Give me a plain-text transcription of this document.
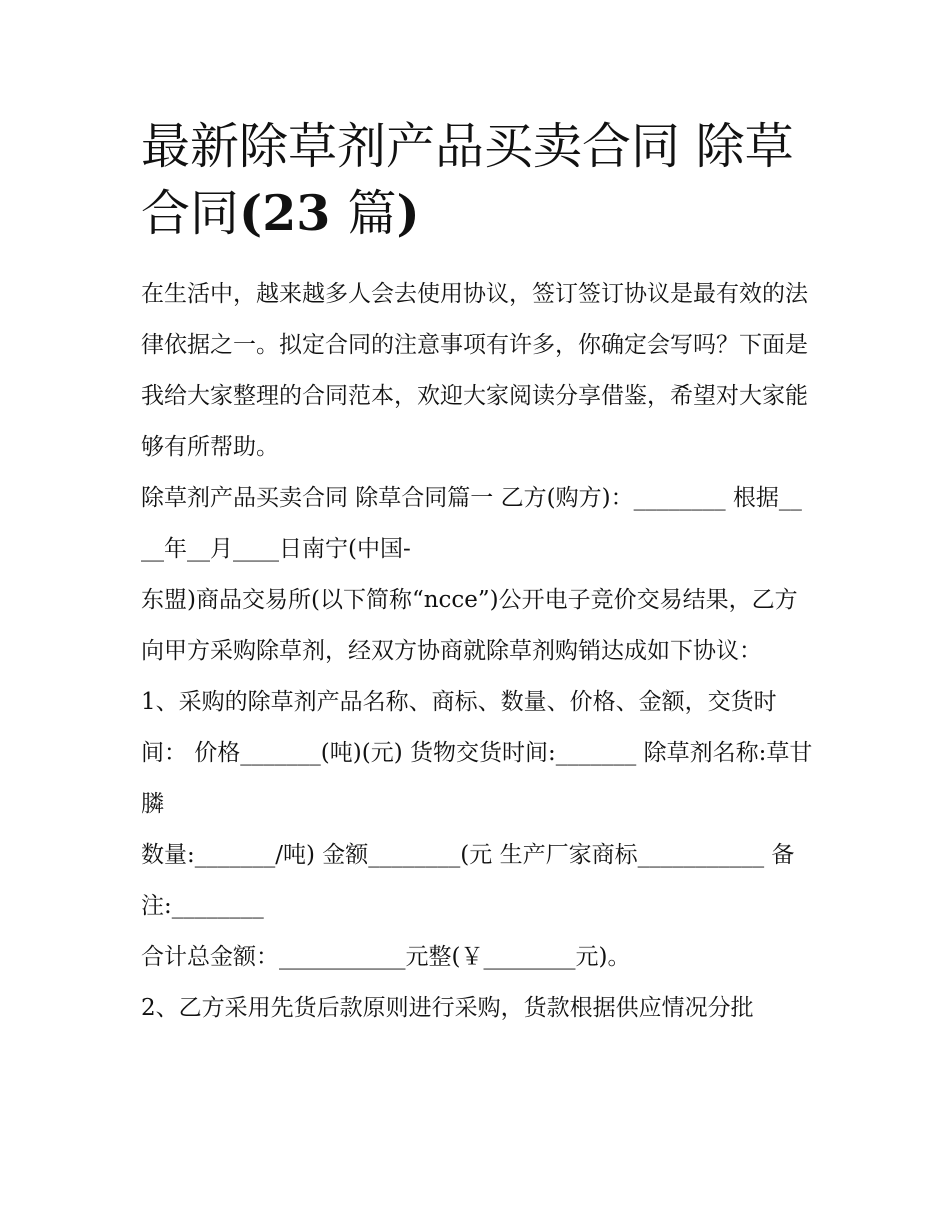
最新除草剂产品买卖合同 除草合同(23 篇)

在生活中，越来越多人会去使用协议，签订签订协议是最有效的法律依据之一。拟定合同的注意事项有许多，你确定会写吗？下面是我给大家整理的合同范本，欢迎大家阅读分享借鉴，希望对大家能够有所帮助。

除草剂产品买卖合同 除草合同篇一 乙方(购方)：________ 根据____年__月____日南宁(中国-

东盟)商品交易所(以下简称“ncce”)公开电子竞价交易结果，乙方向甲方采购除草剂，经双方协商就除草剂购销达成如下协议：

1、采购的除草剂产品名称、商标、数量、价格、金额，交货时间： 价格_______(吨)(元) 货物交货时间:_______ 除草剂名称:草甘膦

数量:_______/吨) 金额________(元 生产厂家商标___________ 备注:________

合计总金额：___________元整(￥________元)。

2、乙方采用先货后款原则进行采购，货款根据供应情况分批
